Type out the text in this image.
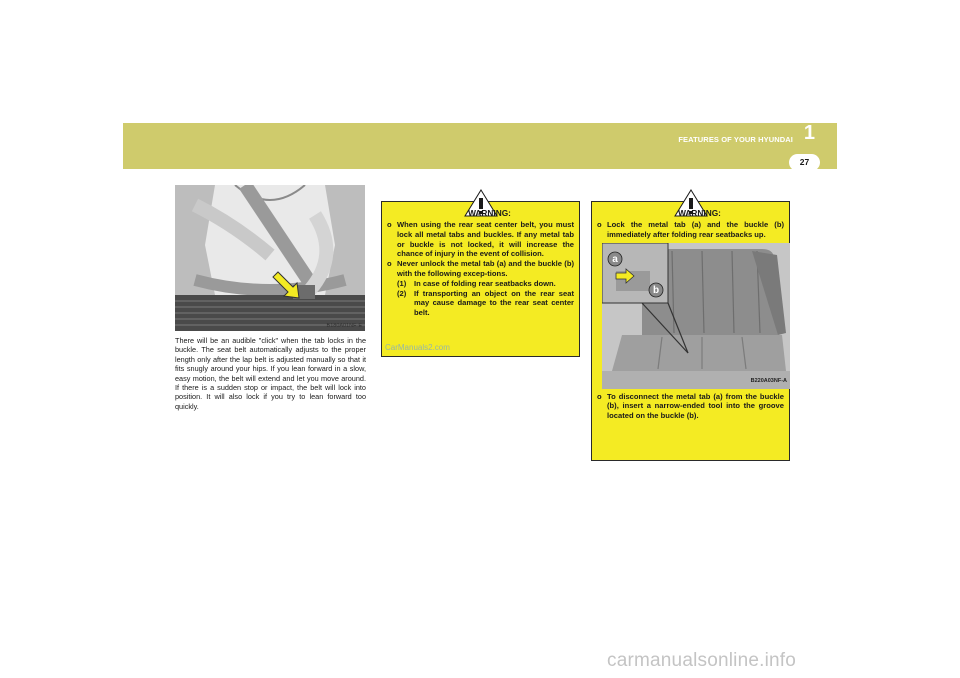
FEATURES OF YOUR HYUNDAI 1
27
B180A01NF-E

There will be an audible "click" when the tab locks in the buckle. The seat belt automatically adjusts to the proper length only after the lap belt is adjusted manually so that it fits snugly around your hips. If you lean forward in a slow, easy motion, the belt will extend and let you move around. If there is a sudden stop or impact, the belt will lock into position. It will also lock if you try to lean forward too quickly.

WARNING:
o When using the rear seat center belt, you must lock all metal tabs and buckles. If any metal tab or buckle is not locked, it will increase the chance of injury in the event of collision.
o Never unlock the metal tab (a) and the buckle (b) with the following excep-tions.
(1)	In case of folding rear seatbacks down.
(2)	If transporting an object on the rear seat may cause damage to the rear seat center belt.
WARNING:
o Lock the metal tab (a) and the buckle (b) immediately after folding rear seatbacks up.
a
b
B220A03NF-A
o To disconnect the metal tab (a) from the buckle (b), insert a narrow-ended tool into the groove located on the buckle (b).
CarManuals2.com
carmanualsonline.info
